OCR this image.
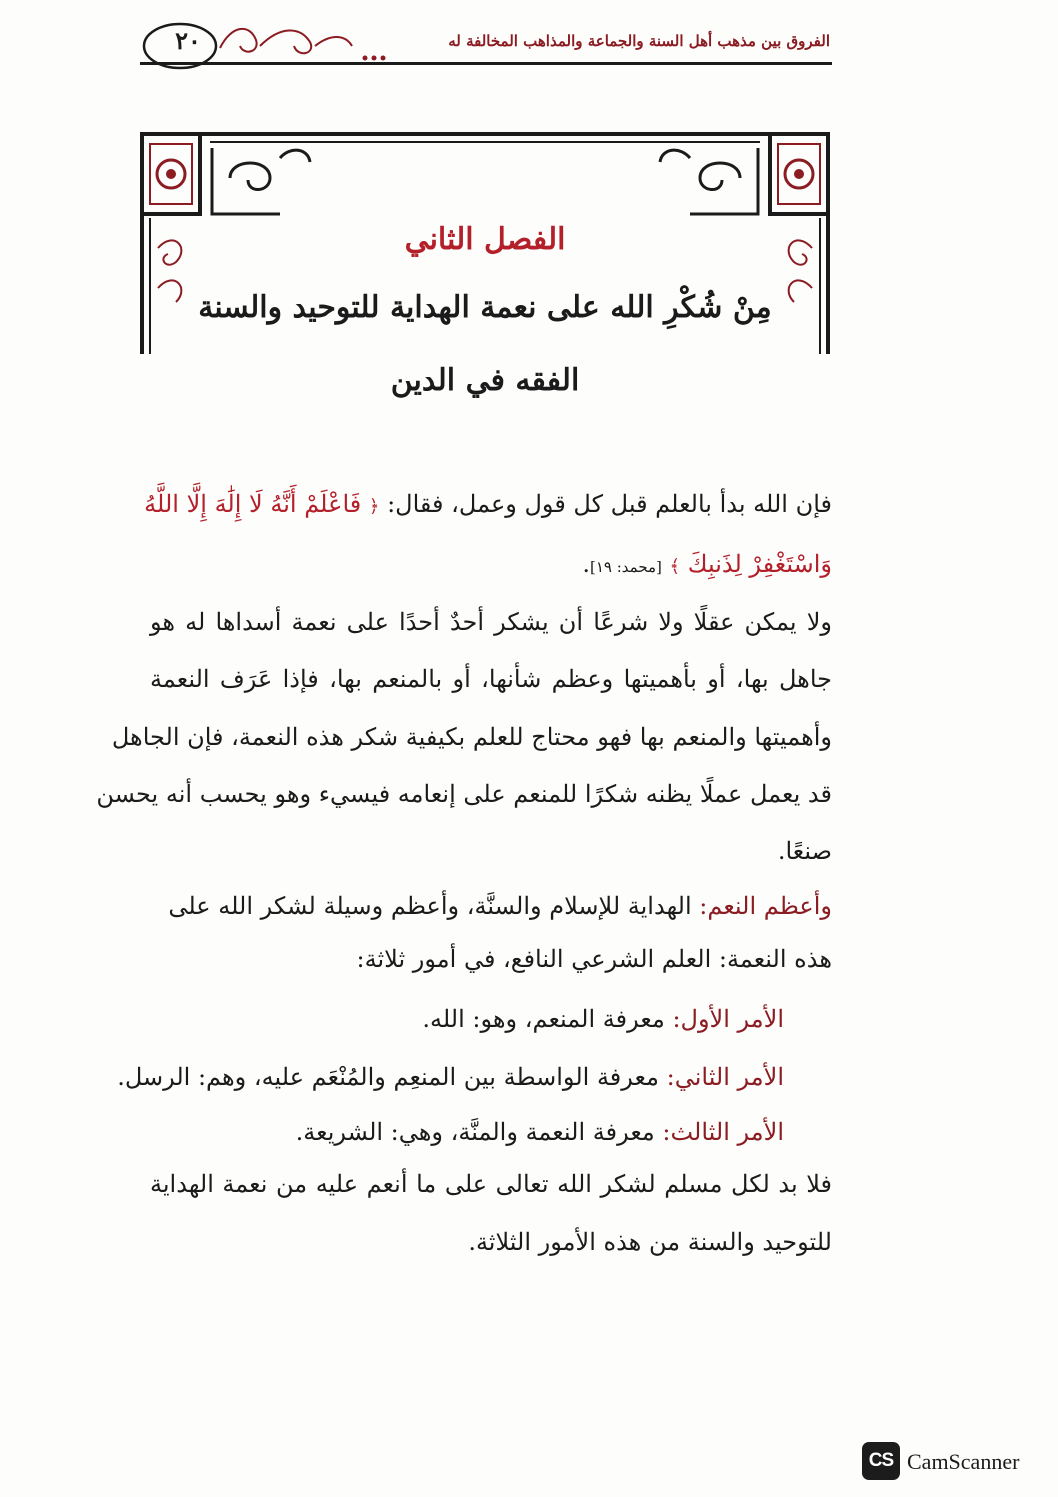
الفروق بين مذهب أهل السنة والجماعة والمذاهب المخالفة له
٢٠
الفصل الثاني
مِنْ شُكْرِ الله على نعمة الهداية للتوحيد والسنة
الفقه في الدين
فإن الله بدأ بالعلم قبل كل قول وعمل، فقال: ﴿ فَاعْلَمْ أَنَّهُ لَا إِلَٰهَ إِلَّا اللَّهُ
وَاسْتَغْفِرْ لِذَنبِكَ ﴾ [محمد: ١٩].
ولا يمكن عقلًا ولا شرعًا أن يشكر أحدٌ أحدًا على نعمة أسداها له هو
جاهل بها، أو بأهميتها وعظم شأنها، أو بالمنعم بها، فإذا عَرَف النعمة
وأهميتها والمنعم بها فهو محتاج للعلم بكيفية شكر هذه النعمة، فإن الجاهل
قد يعمل عملًا يظنه شكرًا للمنعم على إنعامه فيسيء وهو يحسب أنه يحسن
صنعًا.
وأعظم النعم: الهداية للإسلام والسنَّة، وأعظم وسيلة لشكر الله على
هذه النعمة: العلم الشرعي النافع، في أمور ثلاثة:
الأمر الأول: معرفة المنعم، وهو: الله.
الأمر الثاني: معرفة الواسطة بين المنعِم والمُنْعَم عليه، وهم: الرسل.
الأمر الثالث: معرفة النعمة والمنَّة، وهي: الشريعة.
فلا بد لكل مسلم لشكر الله تعالى على ما أنعم عليه من نعمة الهداية
للتوحيد والسنة من هذه الأمور الثلاثة.
CS CamScanner
